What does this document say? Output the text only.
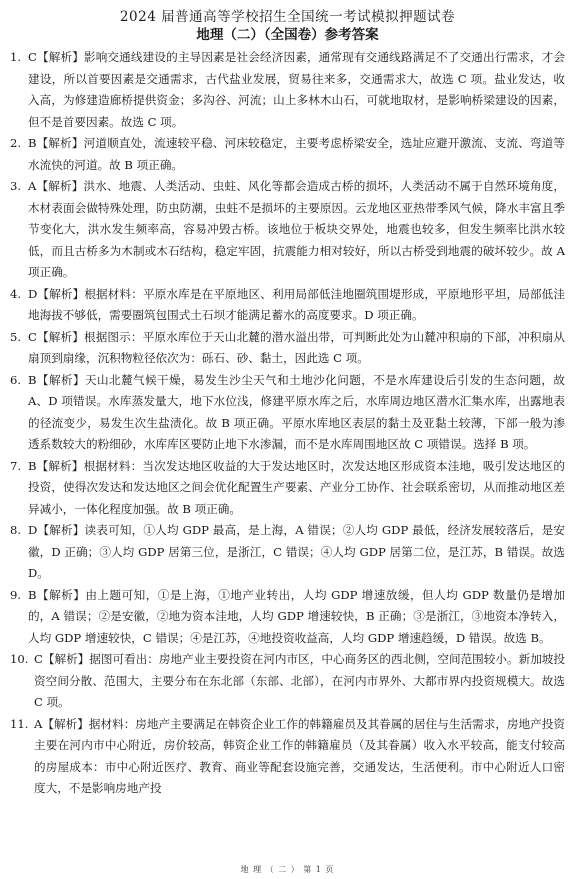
2024 届普通高等学校招生全国统一考试模拟押题试卷
地理（二）（全国卷）参考答案
1. C【解析】影响交通线建设的主导因素是社会经济因素，通常现有交通线路满足不了交通出行需求，才会建设，所以首要因素是交通需求，古代盐业发展，贸易往来多，交通需求大，故选 C 项。盐业发达，收入高，为修建造廊桥提供资金；多沟谷、河流；山上多林木山石，可就地取材，是影响桥梁建设的因素，但不是首要因素。故选 C 项。
2. B【解析】河道顺直处，流速较平稳、河床较稳定，主要考虑桥梁安全，选址应避开激流、支流、弯道等水流快的河道。故 B 项正确。
3. A【解析】洪水、地震、人类活动、虫蛀、风化等都会造成古桥的损坏，人类活动不属于自然环境角度，木材表面会做特殊处理，防虫防潮，虫蛀不是损坏的主要原因。云龙地区亚热带季风气候，降水丰富且季节变化大，洪水发生频率高，容易冲毁古桥。该地位于板块交界处，地震也较多，但发生频率比洪水较低，而且古桥多为木制或木石结构，稳定牢固，抗震能力相对较好，所以古桥受到地震的破坏较少。故 A 项正确。
4. D【解析】根据材料：平原水库是在平原地区、利用局部低洼地圈筑围堤形成，平原地形平坦，局部低洼地海拔不够低，需要圈筑包围式土石坝才能满足蓄水的高度要求。D 项正确。
5. C【解析】根据图示：平原水库位于天山北麓的潜水溢出带，可判断此处为山麓冲积扇的下部，冲积扇从扇顶到扇缘，沉积物粒径依次为：砾石、砂、黏土，因此选 C 项。
6. B【解析】天山北麓气候干燥，易发生沙尘天气和土地沙化问题，不是水库建设后引发的生态问题，故 A、D 项错误。水库蒸发量大，地下水位浅，修建平原水库之后，水库周边地区潜水汇集水库，出露地表的径流变少，易发生次生盐渍化。故 B 项正确。平原水库地区表层的黏土及亚黏土较薄，下部一般为渗透系数较大的粉细砂，水库库区要防止地下水渗漏，而不是水库周围地区故 C 项错误。选择 B 项。
7. B【解析】根据材料：当次发达地区收益的大于发达地区时，次发达地区形成资本洼地，吸引发达地区的投资，使得次发达和发达地区之间会优化配置生产要素、产业分工协作、社会联系密切，从而推动地区差异减小，一体化程度加强。故 B 项正确。
8. D【解析】读表可知，①人均 GDP 最高，是上海，A 错误；②人均 GDP 最低，经济发展较落后，是安徽，D 正确；③人均 GDP 居第三位，是浙江，C 错误；④人均 GDP 居第二位，是江苏，B 错误。故选 D。
9. B【解析】由上题可知，①是上海，①地产业转出，人均 GDP 增速放缓，但人均 GDP 数量仍是增加的，A 错误；②是安徽，②地为资本洼地，人均 GDP 增速较快，B 正确；③是浙江，③地资本净转入，人均 GDP 增速较快，C 错误；④是江苏，④地投资收益高，人均 GDP 增速趋缓，D 错误。故选 B。
10. C【解析】据图可看出：房地产业主要投资在河内市区，中心商务区的西北侧，空间范围较小。新加坡投资空间分散、范围大，主要分布在东北部（东部、北部），在河内市界外、大都市界内投资规模大。故选 C 项。
11. A【解析】据材料：房地产主要满足在韩资企业工作的韩籍雇员及其眷属的居住与生活需求，房地产投资主要在河内市中心附近，房价较高，韩资企业工作的韩籍雇员（及其眷属）收入水平较高，能支付较高的房屋成本：市中心附近医疗、教育、商业等配套设施完善，交通发达，生活便利。市中心附近人口密度大，不是影响房地产投
地 理 （ 二 ） 第 1 页
